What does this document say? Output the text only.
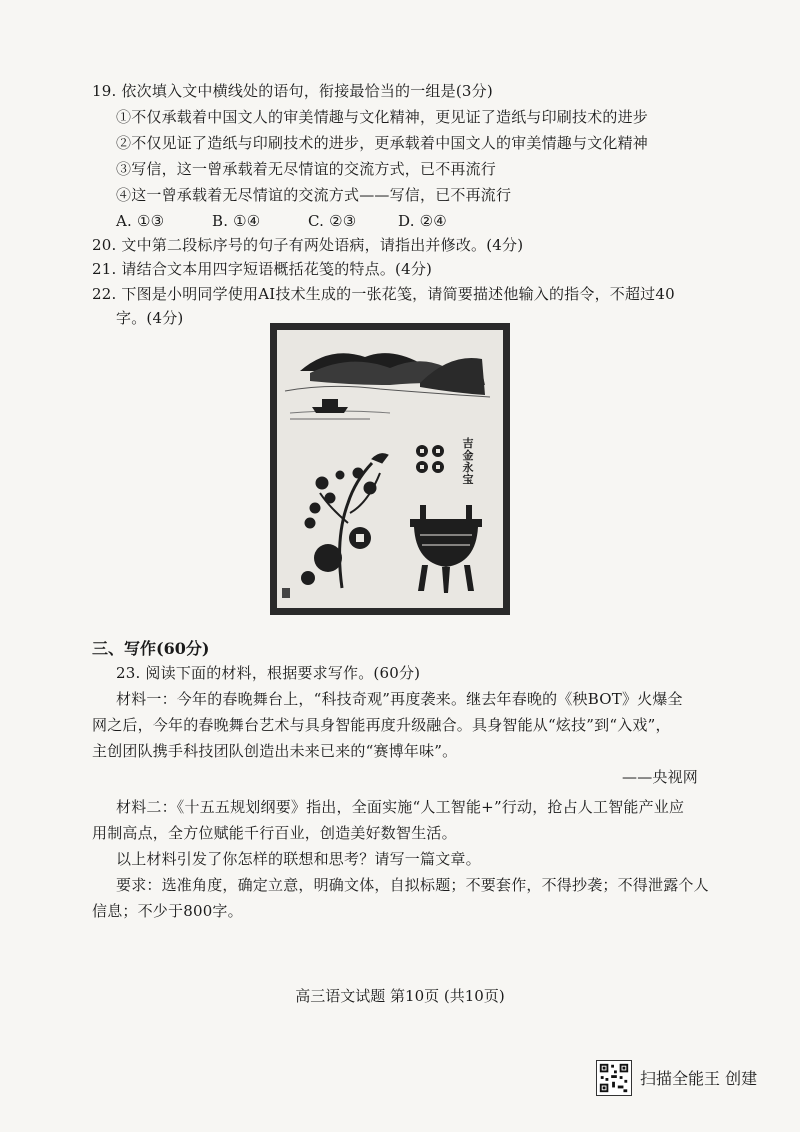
19. 依次填入文中横线处的语句，衔接最恰当的一组是(3分)
①不仅承载着中国文人的审美情趣与文化精神，更见证了造纸与印刷技术的进步
②不仅见证了造纸与印刷技术的进步，更承载着中国文人的审美情趣与文化精神
③写信，这一曾承载着无尽情谊的交流方式，已不再流行
④这一曾承载着无尽情谊的交流方式——写信，已不再流行
A. ①③	B. ①④	C. ②③	D. ②④
20. 文中第二段标序号的句子有两处语病，请指出并修改。(4分)
21. 请结合文本用四字短语概括花笺的特点。(4分)
22. 下图是小明同学使用AI技术生成的一张花笺，请简要描述他输入的指令，不超过40
字。(4分)
吉金永宝
三、写作(60分)
23. 阅读下面的材料，根据要求写作。(60分)
材料一：今年的春晚舞台上，“科技奇观”再度袭来。继去年春晚的《秧BOT》火爆全
网之后，今年的春晚舞台艺术与具身智能再度升级融合。具身智能从“炫技”到“入戏”，
主创团队携手科技团队创造出未来已来的“赛博年味”。
——央视网
材料二：《十五五规划纲要》指出，全面实施“人工智能+”行动，抢占人工智能产业应
用制高点，全方位赋能千行百业，创造美好数智生活。
以上材料引发了你怎样的联想和思考？请写一篇文章。
要求：选准角度，确定立意，明确文体，自拟标题；不要套作，不得抄袭；不得泄露个人
信息；不少于800字。
高三语文试题 第10页 (共10页)
扫描全能王 创建
